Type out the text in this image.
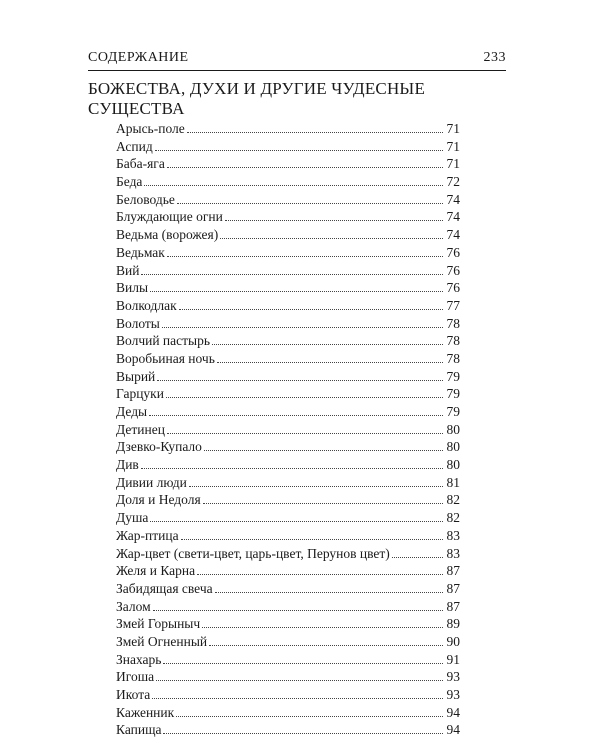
СОДЕРЖАНИЕ	233
БОЖЕСТВА, ДУХИ И ДРУГИЕ ЧУДЕСНЫЕ СУЩЕСТВА
Арысь-поле	71
Аспид	71
Баба-яга	71
Беда	72
Беловодье	74
Блуждающие огни	74
Ведьма (ворожея)	74
Ведьмак	76
Вий	76
Вилы	76
Волкодлак	77
Волоты	78
Волчий пастырь	78
Воробьиная ночь	78
Вырий	79
Гарцуки	79
Деды	79
Детинец	80
Дзевко-Купало	80
Див	80
Дивии люди	81
Доля и Недоля	82
Душа	82
Жар-птица	83
Жар-цвет (свети-цвет, царь-цвет, Перунов цвет)	83
Желя и Карна	87
Забидящая свеча	87
Залом	87
Змей Горыныч	89
Змей Огненный	90
Знахарь	91
Игоша	93
Икота	93
Каженник	94
Капища	94
